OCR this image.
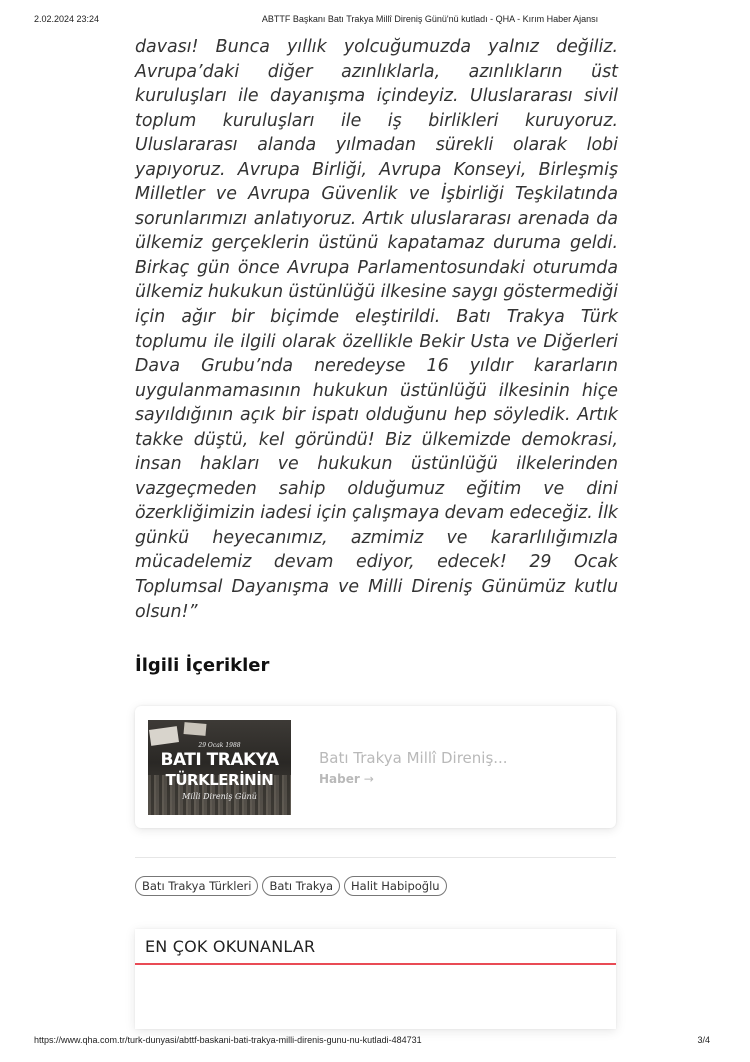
2.02.2024 23:24	ABTTF Başkanı Batı Trakya Millî Direniş Günü'nü kutladı - QHA - Kırım Haber Ajansı

davası! Bunca yıllık yolcuğumuzda yalnız değiliz. Avrupa’daki diğer azınlıklarla, azınlıkların üst kuruluşları ile dayanışma içindeyiz. Uluslararası sivil toplum kuruluşları ile iş birlikleri kuruyoruz. Uluslararası alanda yılmadan sürekli olarak lobi yapıyoruz. Avrupa Birliği, Avrupa Konseyi, Birleşmiş Milletler ve Avrupa Güvenlik ve İşbirliği Teşkilatında sorunlarımızı anlatıyoruz. Artık uluslararası arenada da ülkemiz gerçeklerin üstünü kapatamaz duruma geldi. Birkaç gün önce Avrupa Parlamentosundaki oturumda ülkemiz hukukun üstünlüğü ilkesine saygı göstermediği için ağır bir biçimde eleştirildi. Batı Trakya Türk toplumu ile ilgili olarak özellikle Bekir Usta ve Diğerleri Dava Grubu’nda neredeyse 16 yıldır kararların uygulanmamasının hukukun üstünlüğü ilkesinin hiçe sayıldığının açık bir ispatı olduğunu hep söyledik. Artık takke düştü, kel göründü! Biz ülkemizde demokrasi, insan hakları ve hukukun üstünlüğü ilkelerinden vazgeçmeden sahip olduğumuz eğitim ve dini özerkliğimizin iadesi için çalışmaya devam edeceğiz. İlk günkü heyecanımız, azmimiz ve kararlılığımızla mücadelemiz devam ediyor, edecek! 29 Ocak Toplumsal Dayanışma ve Milli Direniş Günümüz kutlu olsun!”

İlgili İçerikler
29 Ocak 1988
BATI TRAKYA
TÜRKLERİNİN
Milli Direniş Günü
Batı Trakya Millî Direniş...
Haber →
Batı Trakya Türkleri	Batı Trakya	Halit Habipoğlu
EN ÇOK OKUNANLAR
https://www.qha.com.tr/turk-dunyasi/abttf-baskani-bati-trakya-milli-direnis-gunu-nu-kutladi-484731	3/4
